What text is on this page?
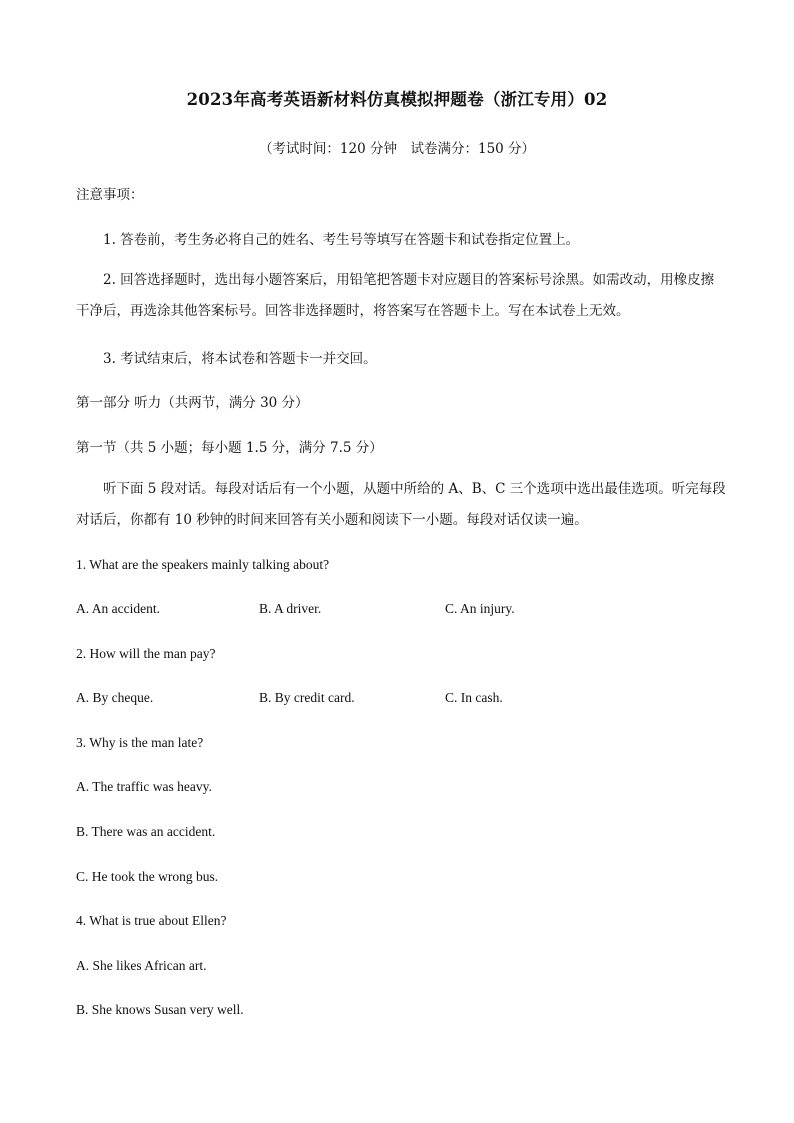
2023年高考英语新材料仿真模拟押题卷（浙江专用）02
（考试时间：120 分钟　试卷满分：150 分）
注意事项：
1. 答卷前，考生务必将自己的姓名、考生号等填写在答题卡和试卷指定位置上。
2. 回答选择题时，选出每小题答案后，用铅笔把答题卡对应题目的答案标号涂黑。如需改动，用橡皮擦干净后，再选涂其他答案标号。回答非选择题时，将答案写在答题卡上。写在本试卷上无效。
3. 考试结束后，将本试卷和答题卡一并交回。
第一部分 听力（共两节，满分 30 分）
第一节（共 5 小题；每小题 1.5 分，满分 7.5 分）
听下面 5 段对话。每段对话后有一个小题，从题中所给的 A、B、C 三个选项中选出最佳选项。听完每段对话后，你都有 10 秒钟的时间来回答有关小题和阅读下一小题。每段对话仅读一遍。
1. What are the speakers mainly talking about?
A. An accident.	B. A driver.	C. An injury.
2. How will the man pay?
A. By cheque.	B. By credit card.	C. In cash.
3. Why is the man late?
A. The traffic was heavy.
B. There was an accident.
C. He took the wrong bus.
4. What is true about Ellen?
A. She likes African art.
B. She knows Susan very well.
